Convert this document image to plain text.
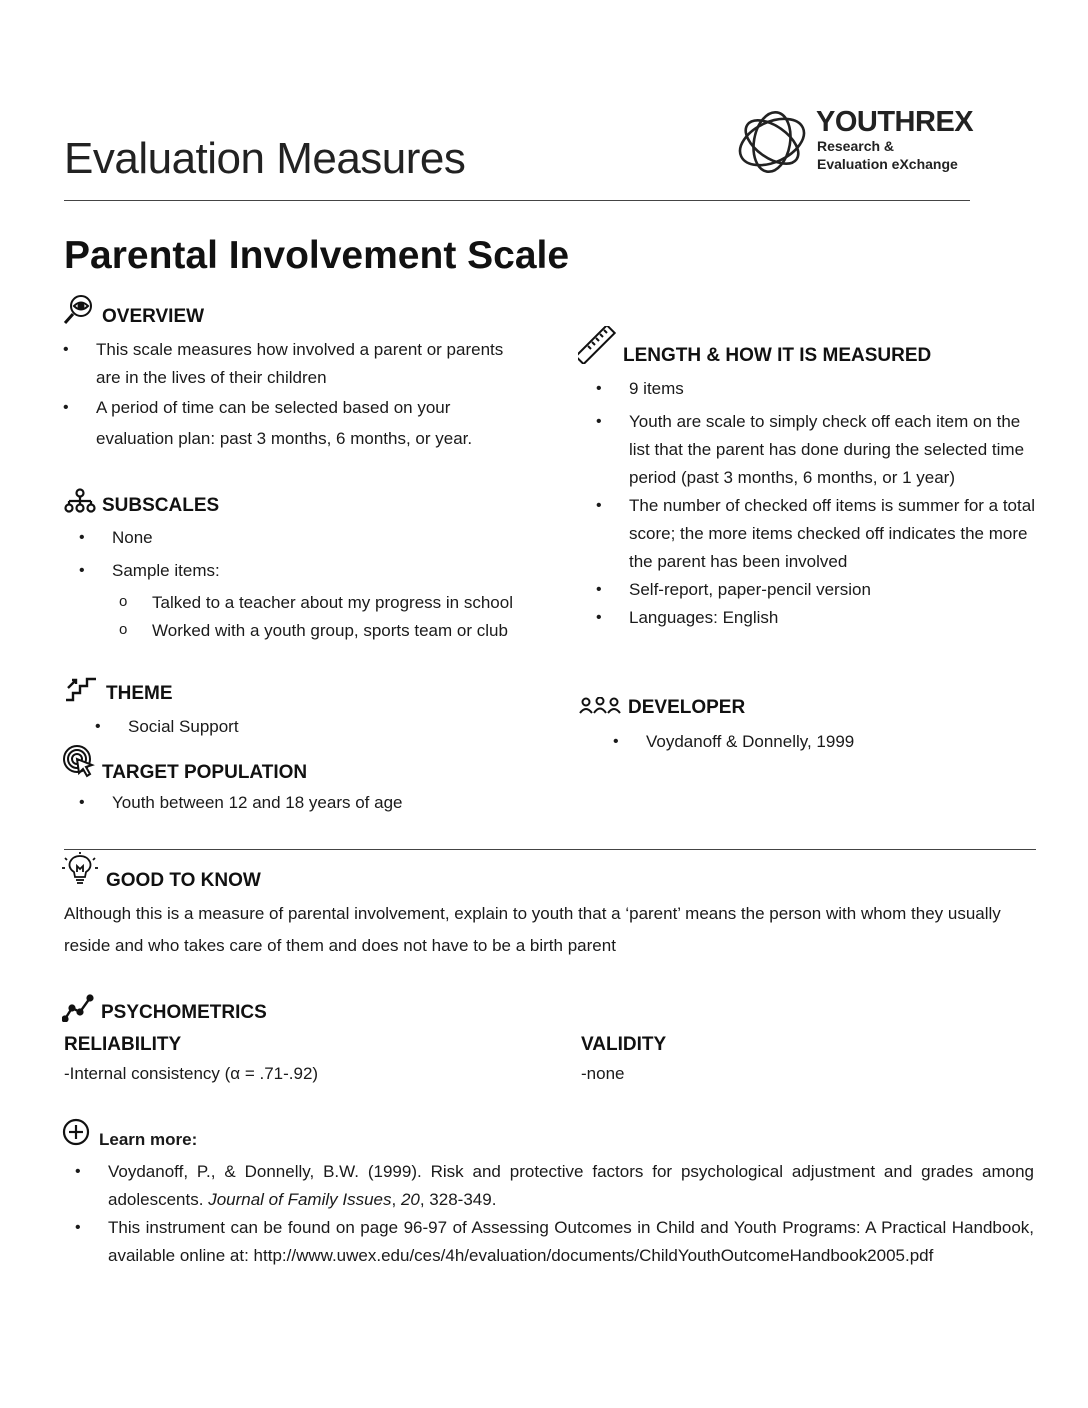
Evaluation Measures
YOUTHREX
Research &
Evaluation eXchange
Parental Involvement Scale
OVERVIEW
• This scale measures how involved a parent or parents are in the lives of their children
• A period of time can be selected based on your evaluation plan: past 3 months, 6 months, or year.
SUBSCALES
• None
• Sample items:
o Talked to a teacher about my progress in school
o Worked with a youth group, sports team or club
THEME
• Social Support
TARGET POPULATION
• Youth between 12 and 18 years of age
LENGTH & HOW IT IS MEASURED
• 9 items
• Youth are scale to simply check off each item on the list that the parent has done during the selected time period (past 3 months, 6 months, or 1 year)
• The number of checked off items is summer for a total score; the more items checked off indicates the more the parent has been involved
• Self-report, paper-pencil version
• Languages: English
DEVELOPER
• Voydanoff & Donnelly, 1999
GOOD TO KNOW
Although this is a measure of parental involvement, explain to youth that a ‘parent’ means the person with whom they usually reside and who takes care of them and does not have to be a birth parent
PSYCHOMETRICS
RELIABILITY
-Internal consistency (α = .71-.92)
VALIDITY
-none
Learn more:
• Voydanoff, P., & Donnelly, B.W. (1999). Risk and protective factors for psychological adjustment and grades among adolescents. Journal of Family Issues, 20, 328-349.
• This instrument can be found on page 96-97 of Assessing Outcomes in Child and Youth Programs: A Practical Handbook, available online at: http://www.uwex.edu/ces/4h/evaluation/documents/ChildYouthOutcomeHandbook2005.pdf
